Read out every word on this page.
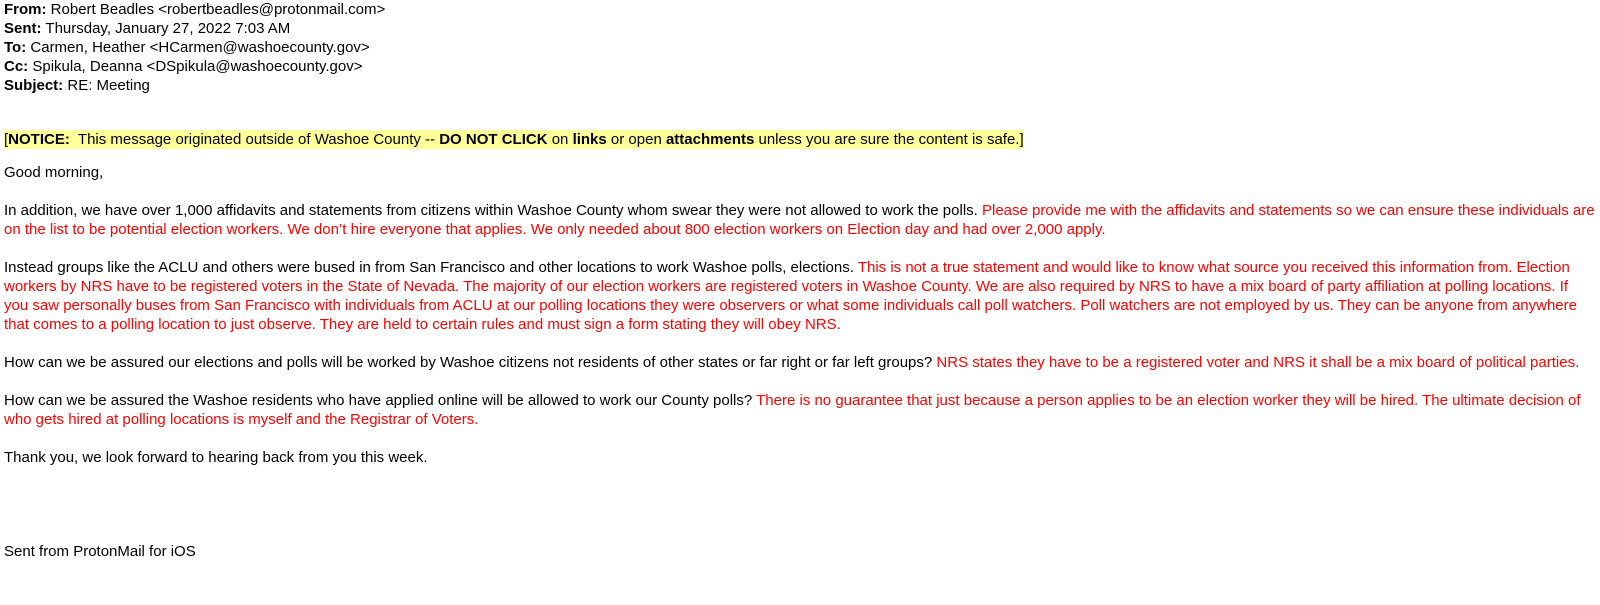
From: Robert Beadles <robertbeadles@protonmail.com>
Sent: Thursday, January 27, 2022 7:03 AM
To: Carmen, Heather <HCarmen@washoecounty.gov>
Cc: Spikula, Deanna <DSpikula@washoecounty.gov>
Subject: RE: Meeting
[NOTICE:  This message originated outside of Washoe County -- DO NOT CLICK on links or open attachments unless you are sure the content is safe.]
Good morning,
In addition, we have over 1,000 affidavits and statements from citizens within Washoe County whom swear they were not allowed to work the polls. Please provide me with the affidavits and statements so we can ensure these individuals are on the list to be potential election workers. We don’t hire everyone that applies. We only needed about 800 election workers on Election day and had over 2,000 apply.
Instead groups like the ACLU and others were bused in from San Francisco and other locations to work Washoe polls, elections. This is not a true statement and would like to know what source you received this information from. Election workers by NRS have to be registered voters in the State of Nevada. The majority of our election workers are registered voters in Washoe County. We are also required by NRS to have a mix board of party affiliation at polling locations. If you saw personally buses from San Francisco with individuals from ACLU at our polling locations they were observers or what some individuals call poll watchers. Poll watchers are not employed by us. They can be anyone from anywhere that comes to a polling location to just observe. They are held to certain rules and must sign a form stating they will obey NRS.
How can we be assured our elections and polls will be worked by Washoe citizens not residents of other states or far right or far left groups? NRS states they have to be a registered voter and NRS it shall be a mix board of political parties.
How can we be assured the Washoe residents who have applied online will be allowed to work our County polls? There is no guarantee that just because a person applies to be an election worker they will be hired. The ultimate decision of who gets hired at polling locations is myself and the Registrar of Voters.
Thank you, we look forward to hearing back from you this week.
Sent from ProtonMail for iOS
